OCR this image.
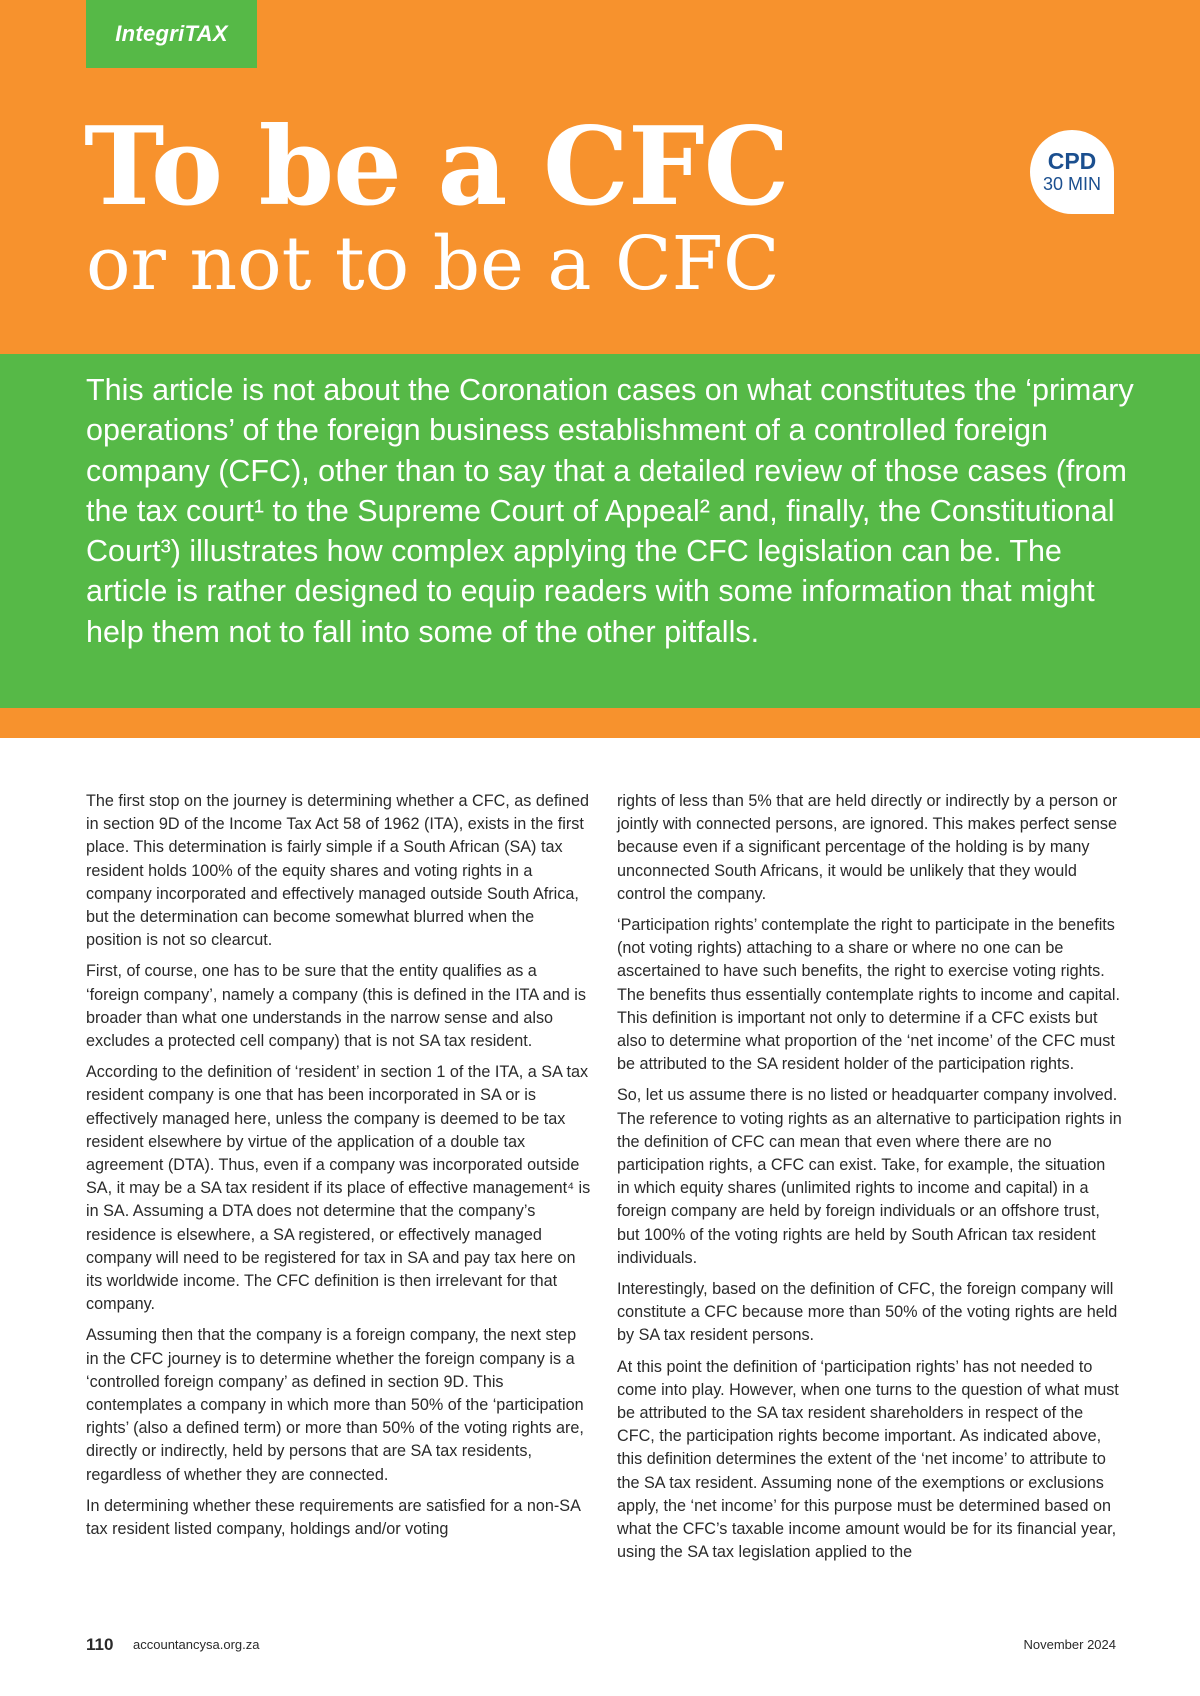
IntegriTAX
To be a CFC
or not to be a CFC
CPD
30 MIN

This article is not about the Coronation cases on what constitutes the ‘primary operations’ of the foreign business establishment of a controlled foreign company (CFC), other than to say that a detailed review of those cases (from the tax court¹ to the Supreme Court of Appeal² and, finally, the Constitutional Court³) illustrates how complex applying the CFC legislation can be. The article is rather designed to equip readers with some information that might help them not to fall into some of the other pitfalls.

The first stop on the journey is determining whether a CFC, as defined in section 9D of the Income Tax Act 58 of 1962 (ITA), exists in the first place. This determination is fairly simple if a South African (SA) tax resident holds 100% of the equity shares and voting rights in a company incorporated and effectively managed outside South Africa, but the determination can become somewhat blurred when the position is not so clearcut.

First, of course, one has to be sure that the entity qualifies as a ‘foreign company’, namely a company (this is defined in the ITA and is broader than what one understands in the narrow sense and also excludes a protected cell company) that is not SA tax resident.

According to the definition of ‘resident’ in section 1 of the ITA, a SA tax resident company is one that has been incorporated in SA or is effectively managed here, unless the company is deemed to be tax resident elsewhere by virtue of the application of a double tax agreement (DTA). Thus, even if a company was incorporated outside SA, it may be a SA tax resident if its place of effective management⁴ is in SA. Assuming a DTA does not determine that the company’s residence is elsewhere, a SA registered, or effectively managed company will need to be registered for tax in SA and pay tax here on its worldwide income. The CFC definition is then irrelevant for that company.

Assuming then that the company is a foreign company, the next step in the CFC journey is to determine whether the foreign company is a ‘controlled foreign company’ as defined in section 9D. This contemplates a company in which more than 50% of the ‘participation rights’ (also a defined term) or more than 50% of the voting rights are, directly or indirectly, held by persons that are SA tax residents, regardless of whether they are connected.

In determining whether these requirements are satisfied for a non-SA tax resident listed company, holdings and/or voting

rights of less than 5% that are held directly or indirectly by a person or jointly with connected persons, are ignored. This makes perfect sense because even if a significant percentage of the holding is by many unconnected South Africans, it would be unlikely that they would control the company.

‘Participation rights’ contemplate the right to participate in the benefits (not voting rights) attaching to a share or where no one can be ascertained to have such benefits, the right to exercise voting rights. The benefits thus essentially contemplate rights to income and capital. This definition is important not only to determine if a CFC exists but also to determine what proportion of the ‘net income’ of the CFC must be attributed to the SA resident holder of the participation rights.

So, let us assume there is no listed or headquarter company involved. The reference to voting rights as an alternative to participation rights in the definition of CFC can mean that even where there are no participation rights, a CFC can exist. Take, for example, the situation in which equity shares (unlimited rights to income and capital) in a foreign company are held by foreign individuals or an offshore trust, but 100% of the voting rights are held by South African tax resident individuals.

Interestingly, based on the definition of CFC, the foreign company will constitute a CFC because more than 50% of the voting rights are held by SA tax resident persons.

At this point the definition of ‘participation rights’ has not needed to come into play. However, when one turns to the question of what must be attributed to the SA tax resident shareholders in respect of the CFC, the participation rights become important. As indicated above, this definition determines the extent of the ‘net income’ to attribute to the SA tax resident. Assuming none of the exemptions or exclusions apply, the ‘net income’ for this purpose must be determined based on what the CFC’s taxable income amount would be for its financial year, using the SA tax legislation applied to the

110 accountancysa.org.za	November 2024
